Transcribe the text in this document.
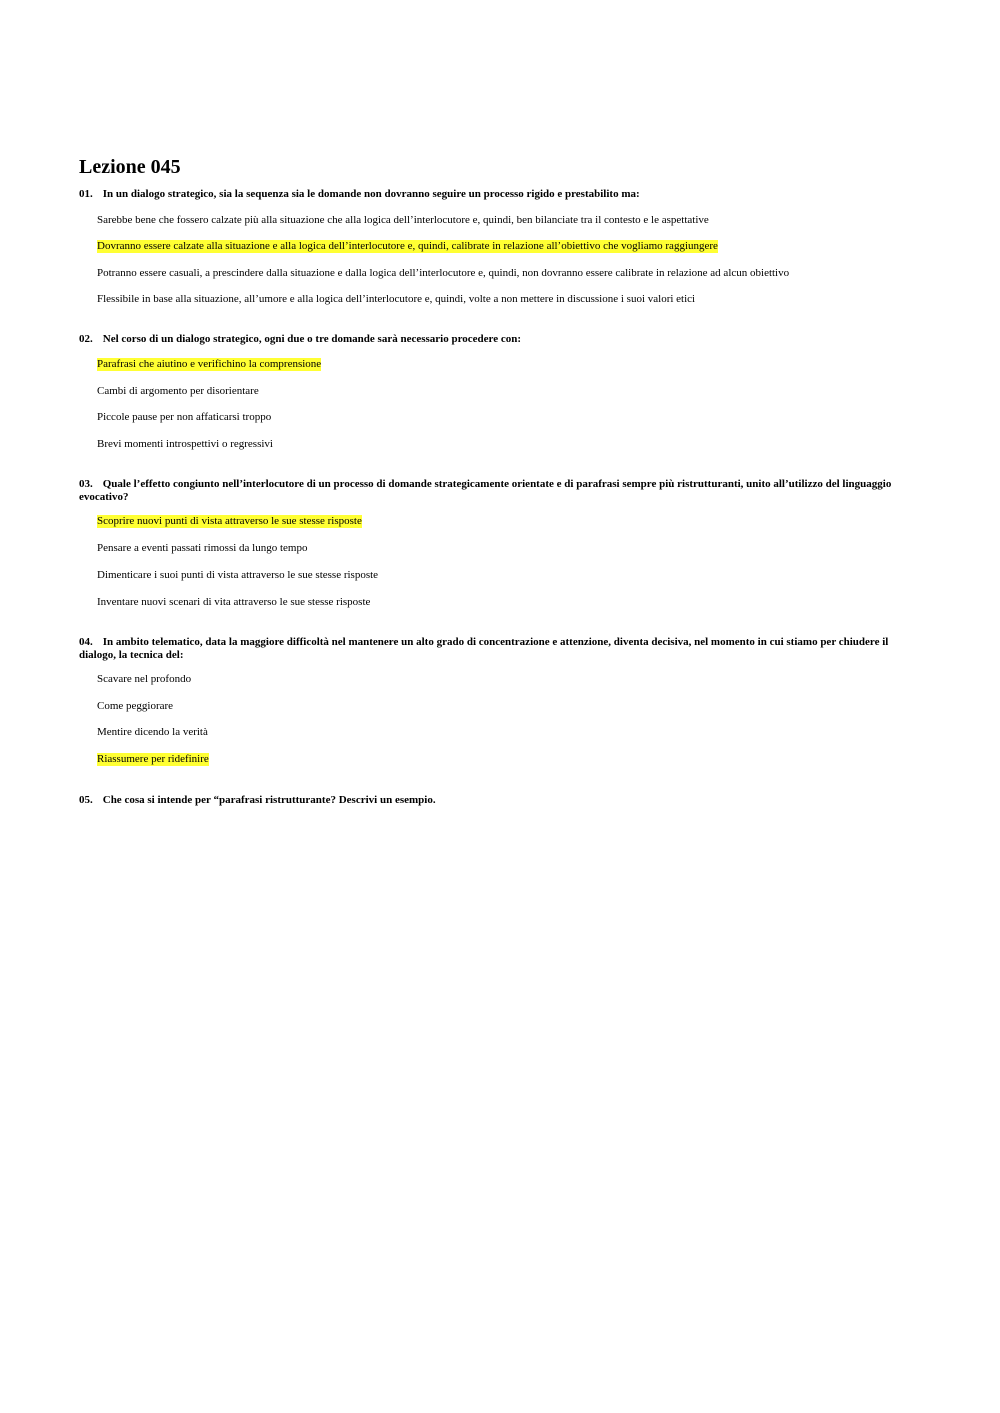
Lezione 045
01. In un dialogo strategico, sia la sequenza sia le domande non dovranno seguire un processo rigido e prestabilito ma:
Sarebbe bene che fossero calzate più alla situazione che alla logica dell’interlocutore e, quindi, ben bilanciate tra il contesto e le aspettative
Dovranno essere calzate alla situazione e alla logica dell’interlocutore e, quindi, calibrate in relazione all’obiettivo che vogliamo raggiungere
Potranno essere casuali, a prescindere dalla situazione e dalla logica dell’interlocutore e, quindi, non dovranno essere calibrate in relazione ad alcun obiettivo
Flessibile in base alla situazione, all’umore e alla logica dell’interlocutore e, quindi, volte a non mettere in discussione i suoi valori etici
02. Nel corso di un dialogo strategico, ogni due o tre domande sarà necessario procedere con:
Parafrasi che aiutino e verifichino la comprensione
Cambi di argomento per disorientare
Piccole pause per non affaticarsi troppo
Brevi momenti introspettivi o regressivi
03. Quale l’effetto congiunto nell’interlocutore di un processo di domande strategicamente orientate e di parafrasi sempre più ristrutturanti, unito all’utilizzo del linguaggio evocativo?
Scoprire nuovi punti di vista attraverso le sue stesse risposte
Pensare a eventi passati rimossi da lungo tempo
Dimenticare i suoi punti di vista attraverso le sue stesse risposte
Inventare nuovi scenari di vita attraverso le sue stesse risposte
04. In ambito telematico, data la maggiore difficoltà nel mantenere un alto grado di concentrazione e attenzione, diventa decisiva, nel momento in cui stiamo per chiudere il dialogo, la tecnica del:
Scavare nel profondo
Come peggiorare
Mentire dicendo la verità
Riassumere per ridefinire
05. Che cosa si intende per “parafrasi ristrutturante? Descrivi un esempio.
